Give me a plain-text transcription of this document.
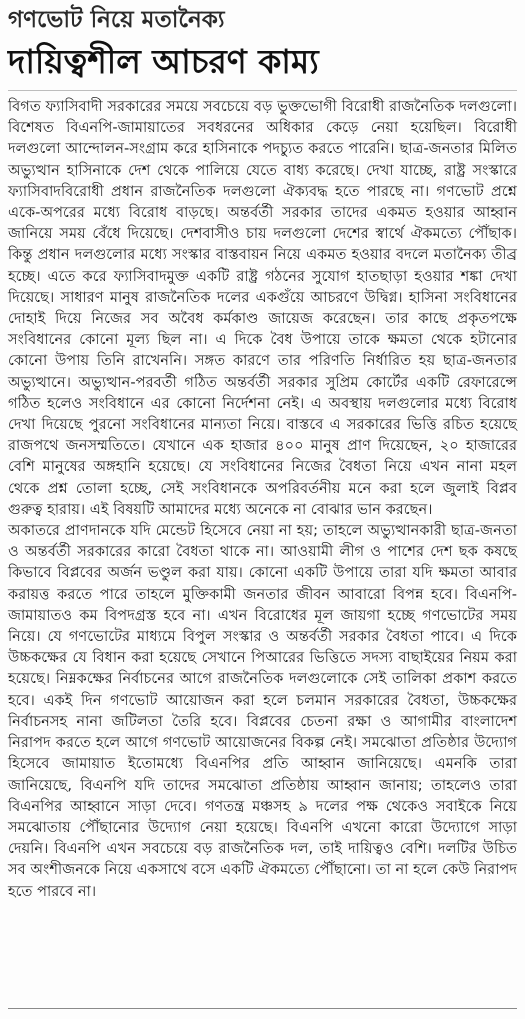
গণভোট নিয়ে মতানৈক্য
দায়িত্বশীল আচরণ কাম্য

বিগত ফ্যাসিবাদী সরকারের সময়ে সবচেয়ে বড় ভুক্তভোগী বিরোধী রাজনৈতিক দলগুলো। বিশেষত বিএনপি-জামায়াতের সবধরনের অধিকার কেড়ে নেয়া হয়েছিল। বিরোধী দলগুলো আন্দোলন-সংগ্রাম করে হাসিনাকে পদচ্যুত করতে পারেনি। ছাত্র-জনতার মিলিত অভ্যুত্থান হাসিনাকে দেশ থেকে পালিয়ে যেতে বাধ্য করেছে। দেখা যাচ্ছে, রাষ্ট্র সংস্কারে ফ্যাসিবাদবিরোধী প্রধান রাজনৈতিক দলগুলো ঐক্যবদ্ধ হতে পারছে না। গণভোট প্রশ্নে একে-অপরের মধ্যে বিরোধ বাড়ছে। অন্তর্বর্তী সরকার তাদের একমত হওয়ার আহ্বান জানিয়ে সময় বেঁধে দিয়েছে। দেশবাসীও চায় দলগুলো দেশের স্বার্থে ঐকমত্যে পৌঁছাক। কিন্তু প্রধান দলগুলোর মধ্যে সংস্কার বাস্তবায়ন নিয়ে একমত হওয়ার বদলে মতানৈক্য তীব্র হচ্ছে। এতে করে ফ্যাসিবাদমুক্ত একটি রাষ্ট্র গঠনের সুযোগ হাতছাড়া হওয়ার শঙ্কা দেখা দিয়েছে। সাধারণ মানুষ রাজনৈতিক দলের একগুঁয়ে আচরণে উদ্বিগ্ন। হাসিনা সংবিধানের দোহাই দিয়ে নিজের সব অবৈধ কর্মকাণ্ড জায়েজ করেছেন। তার কাছে প্রকৃতপক্ষে সংবিধানের কোনো মূল্য ছিল না। এ দিকে বৈধ উপায়ে তাকে ক্ষমতা থেকে হটানোর কোনো উপায় তিনি রাখেননি। সঙ্গত কারণে তার পরিণতি নির্ধারিত হয় ছাত্র-জনতার অভ্যুত্থানে। অভ্যুত্থান-পরবর্তী গঠিত অন্তর্বর্তী সরকার সুপ্রিম কোর্টের একটি রেফারেন্সে গঠিত হলেও সংবিধানে এর কোনো নির্দেশনা নেই। এ অবস্থায় দলগুলোর মধ্যে বিরোধ দেখা দিয়েছে পুরনো সংবিধানের মান্যতা নিয়ে। বাস্তবে এ সরকারের ভিত্তি রচিত হয়েছে রাজপথে জনসম্মতিতে। যেখানে এক হাজার ৪০০ মানুষ প্রাণ দিয়েছেন, ২০ হাজারের বেশি মানুষের অঙ্গহানি হয়েছে। যে সংবিধানের নিজের বৈধতা নিয়ে এখন নানা মহল থেকে প্রশ্ন তোলা হচ্ছে, সেই সংবিধানকে অপরিবর্তনীয় মনে করা হলে জুলাই বিপ্লব গুরুত্ব হারায়। এই বিষয়টি আমাদের মধ্যে অনেকে না বোঝার ভান করছেন।

অকাতরে প্রাণদানকে যদি মেন্ডেট হিসেবে নেয়া না হয়; তাহলে অভ্যুত্থানকারী ছাত্র-জনতা ও অন্তর্বর্তী সরকারের কারো বৈধতা থাকে না। আওয়ামী লীগ ও পাশের দেশ ছক কষছে কিভাবে বিপ্লবের অর্জন ভণ্ডুল করা যায়। কোনো একটি উপায়ে তারা যদি ক্ষমতা আবার করায়ত্ত করতে পারে তাহলে মুক্তিকামী জনতার জীবন আবারো বিপন্ন হবে। বিএনপি-জামায়াতও কম বিপদগ্রস্ত হবে না। এখন বিরোধের মূল জায়গা হচ্ছে গণভোটের সময় নিয়ে। যে গণভোটের মাধ্যমে বিপুল সংস্কার ও অন্তর্বর্তী সরকার বৈধতা পাবে। এ দিকে উচ্চকক্ষের যে বিধান করা হয়েছে সেখানে পিআরের ভিত্তিতে সদস্য বাছাইয়ের নিয়ম করা হয়েছে। নিম্নকক্ষের নির্বাচনের আগে রাজনৈতিক দলগুলোকে সেই তালিকা প্রকাশ করতে হবে। একই দিন গণভোট আয়োজন করা হলে চলমান সরকারের বৈধতা, উচ্চকক্ষের নির্বাচনসহ নানা জটিলতা তৈরি হবে। বিপ্লবের চেতনা রক্ষা ও আগামীর বাংলাদেশ নিরাপদ করতে হলে আগে গণভোট আয়োজনের বিকল্প নেই। সমঝোতা প্রতিষ্ঠার উদ্যোগ হিসেবে জামায়াত ইতোমধ্যে বিএনপির প্রতি আহ্বান জানিয়েছে। এমনকি তারা জানিয়েছে, বিএনপি যদি তাদের সমঝোতা প্রতিষ্ঠায় আহ্বান জানায়; তাহলেও তারা বিএনপির আহ্বানে সাড়া দেবে। গণতন্ত্র মঞ্চসহ ৯ দলের পক্ষ থেকেও সবাইকে নিয়ে সমঝোতায় পৌঁছানোর উদ্যোগ নেয়া হয়েছে। বিএনপি এখনো কারো উদ্যোগে সাড়া দেয়নি। বিএনপি এখন সবচেয়ে বড় রাজনৈতিক দল, তাই দায়িত্বও বেশি। দলটির উচিত সব অংশীজনকে নিয়ে একসাথে বসে একটি ঐকমত্যে পৌঁছানো। তা না হলে কেউ নিরাপদ হতে পারবে না।
